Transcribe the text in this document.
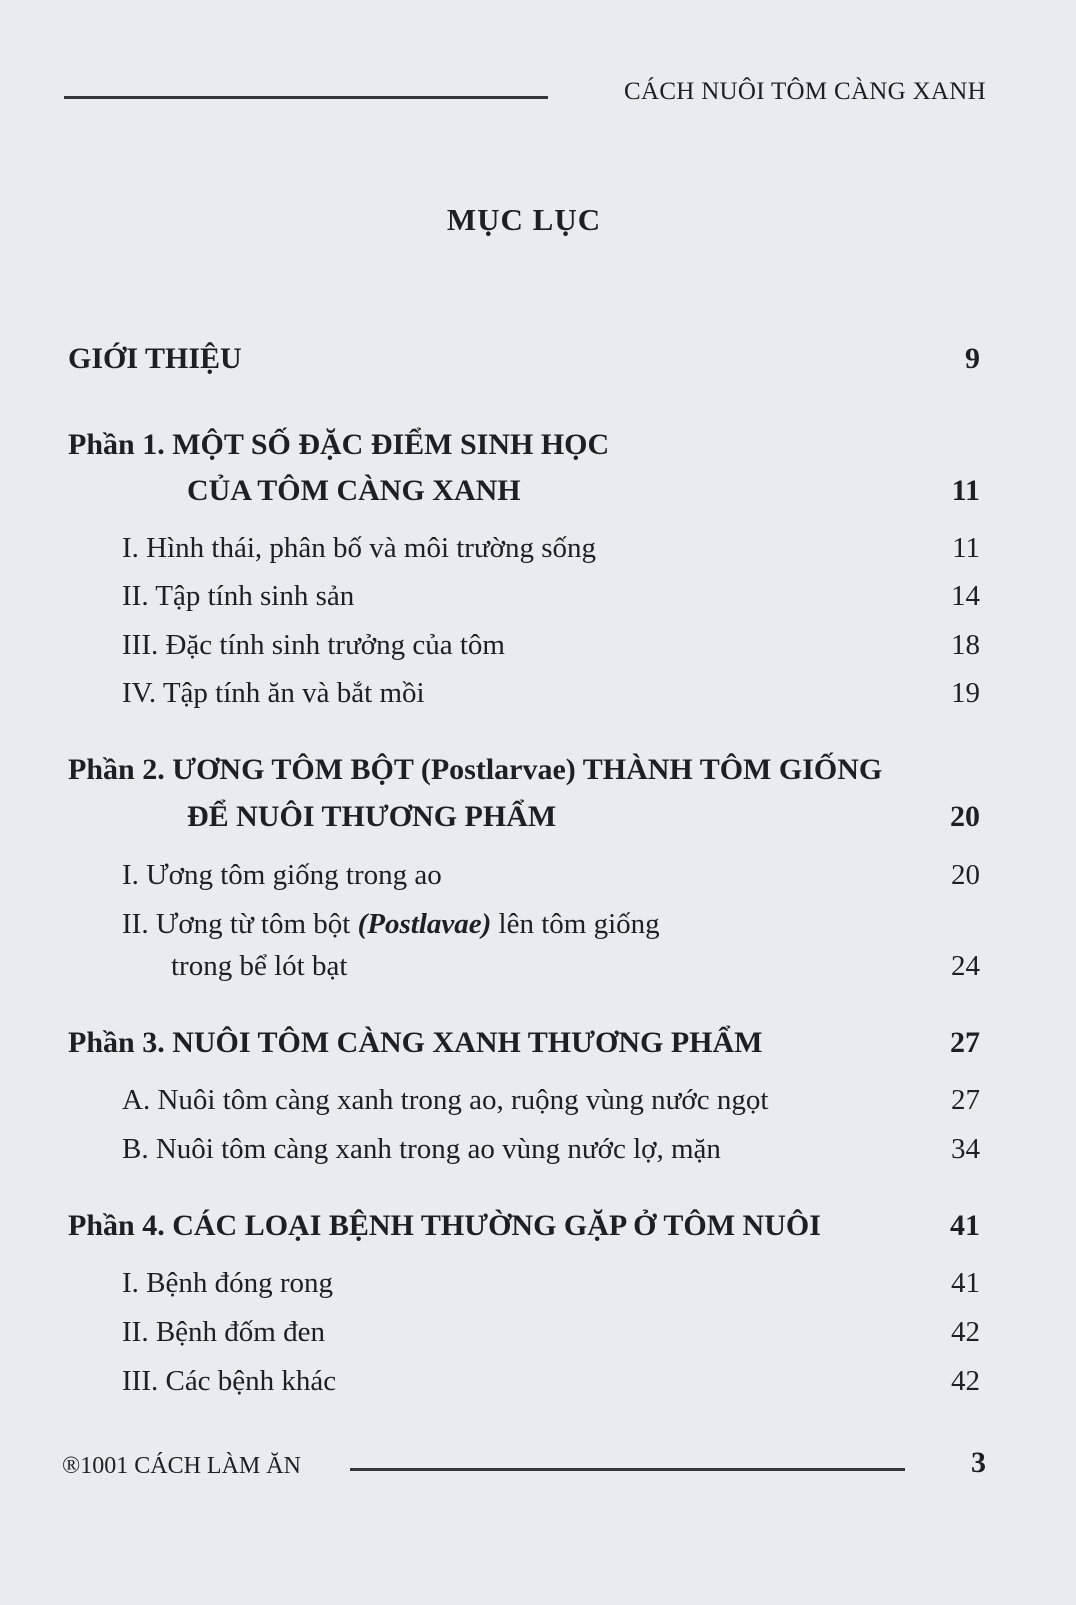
CÁCH NUÔI TÔM CÀNG XANH
MỤC LỤC
GIỚI THIỆU	9
Phần 1. MỘT SỐ ĐẶC ĐIỂM SINH HỌC
CỦA TÔM CÀNG XANH	11
I. Hình thái, phân bố và môi trường sống	11
II. Tập tính sinh sản	14
III. Đặc tính sinh trưởng của tôm	18
IV. Tập tính ăn và bắt mồi	19
Phần 2. ƯƠNG TÔM BỘT (Postlarvae) THÀNH TÔM GIỐNG
ĐỂ NUÔI THƯƠNG PHẨM	20
I. Ương tôm giống trong ao	20
II. Ương từ tôm bột (Postlavae) lên tôm giống
trong bể lót bạt	24
Phần 3. NUÔI TÔM CÀNG XANH THƯƠNG PHẨM	27
A. Nuôi tôm càng xanh trong ao, ruộng vùng nước ngọt	27
B. Nuôi tôm càng xanh trong ao vùng nước lợ, mặn	34
Phần 4. CÁC LOẠI BỆNH THƯỜNG GẶP Ở TÔM NUÔI	41
I. Bệnh đóng rong	41
II. Bệnh đốm đen	42
III. Các bệnh khác	42
®1001 CÁCH LÀM ĂN	3
